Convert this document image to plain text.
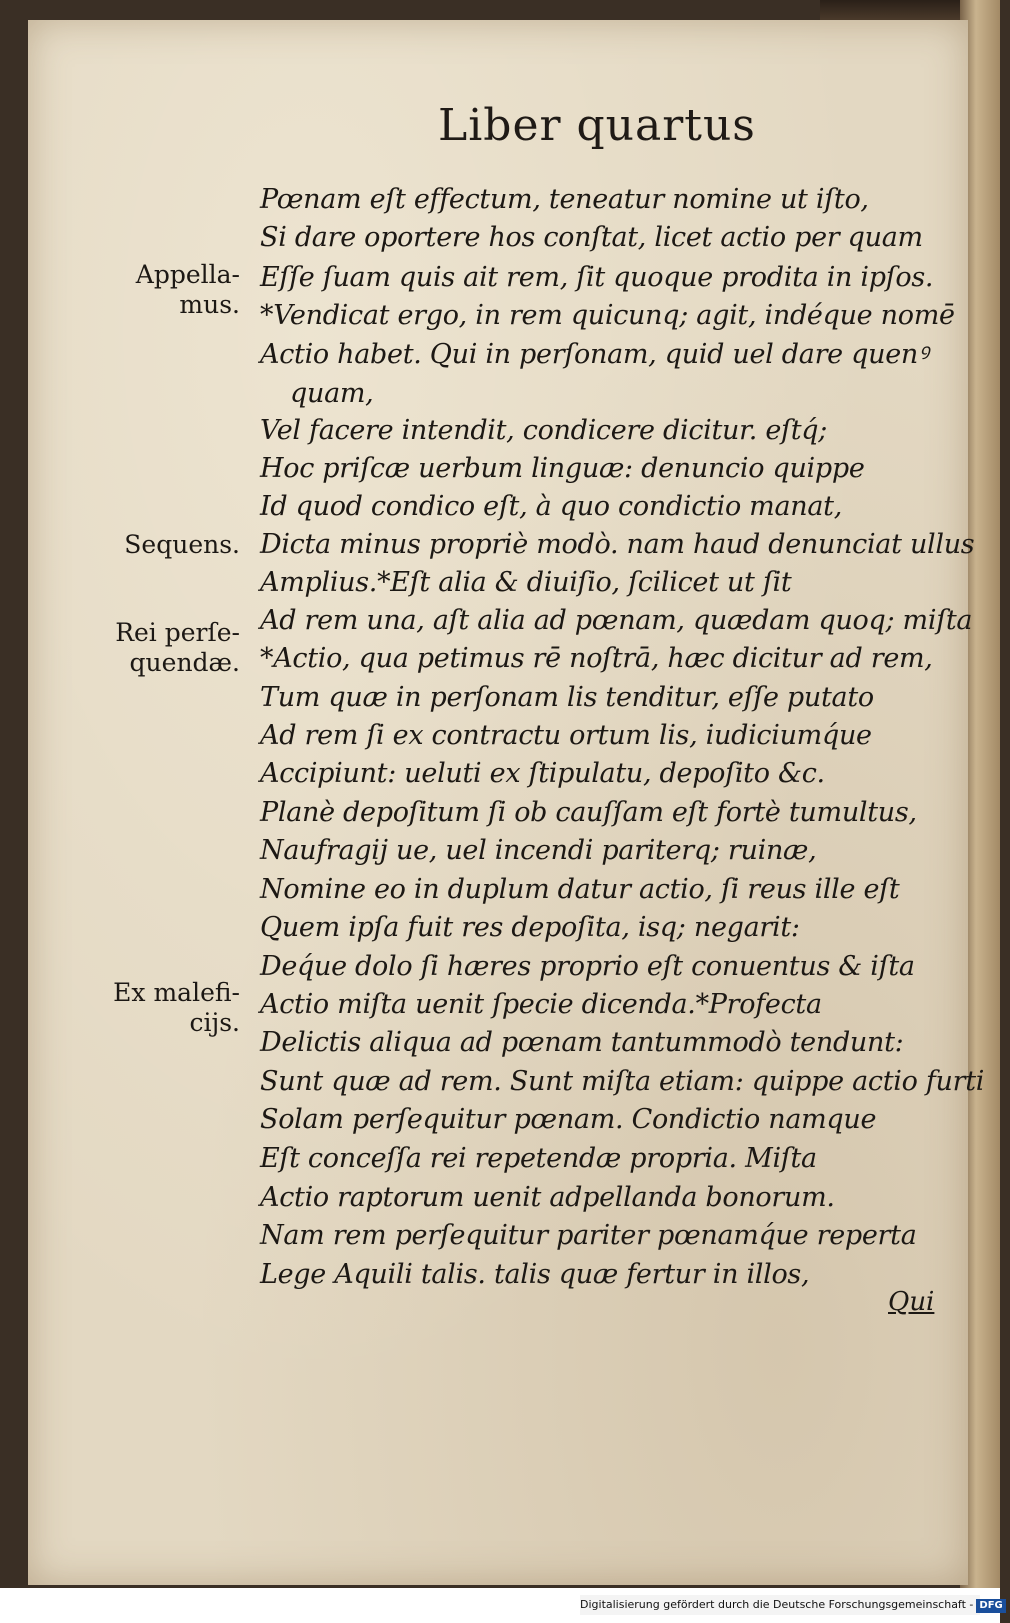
Liber quartus
Pœnam eſt effectum, teneatur nomine ut iſto,
Si dare oportere hos conſtat, licet actio per quam
Eſſe ſuam quis ait rem, ſit quoque prodita in ipſos.
*Vendicat ergo, in rem quicunq; agit, indéque nomē
Actio habet. Qui in perſonam, quid uel dare quenꝰ
quam,
Vel facere intendit, condicere dicitur. eſtq́;
Hoc priſcæ uerbum linguæ: denuncio quippe
Id quod condico eſt, à quo condictio manat,
Dicta minus propriè modò. nam haud denunciat ullus
Amplius.*Eſt alia & diuiſio, ſcilicet ut ſit
Ad rem una, aſt alia ad pœnam, quædam quoq; miſta
*Actio, qua petimus rē noſtrā, hæc dicitur ad rem,
Tum quæ in perſonam lis tenditur, eſſe putato
Ad rem ſi ex contractu ortum lis, iudiciumq́ue
Accipiunt: ueluti ex ſtipulatu, depoſito &c.
Planè depoſitum ſi ob cauſſam eſt fortè tumultus,
Naufragij ue, uel incendi pariterq; ruinæ,
Nomine eo in duplum datur actio, ſi reus ille eſt
Quem ipſa fuit res depoſita, isq; negarit:
Deq́ue dolo ſi hæres proprio eſt conuentus & iſta
Actio miſta uenit ſpecie dicenda.*Profecta
Delictis aliqua ad pœnam tantummodò tendunt:
Sunt quæ ad rem. Sunt miſta etiam: quippe actio furti
Solam perſequitur pœnam. Condictio namque
Eſt conceſſa rei repetendæ propria. Miſta
Actio raptorum uenit adpellanda bonorum.
Nam rem perſequitur pariter pœnamq́ue reperta
Lege Aquili talis. talis quæ fertur in illos,
Appella-
mus.
Sequens.
Rei perſe-
quendæ.
Ex malefi-
cijs.
Qui
Digitalisierung gefördert durch die Deutsche Forschungsgemeinschaft - DFG
